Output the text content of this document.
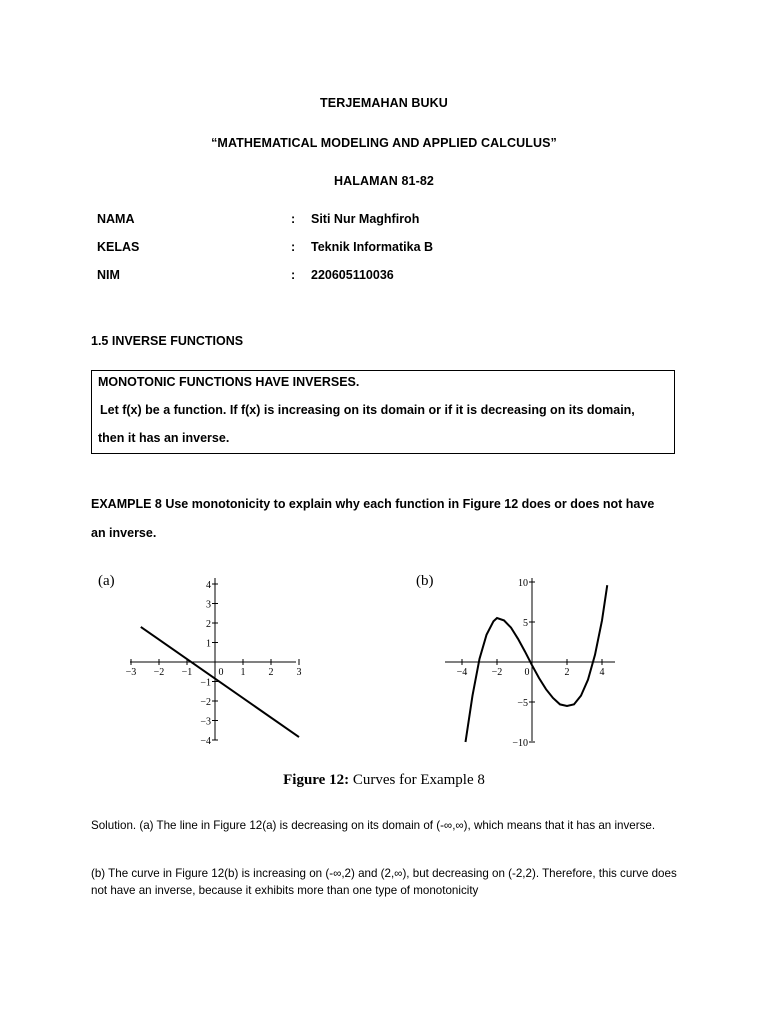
TERJEMAHAN BUKU
“MATHEMATICAL MODELING AND APPLIED CALCULUS”
HALAMAN 81-82
NAMA	: Siti Nur Maghfiroh
KELAS	: Teknik Informatika B
NIM	: 220605110036
1.5 INVERSE FUNCTIONS
MONOTONIC FUNCTIONS HAVE INVERSES.
Let f(x) be a function. If f(x) is increasing on its domain or if it is decreasing on its domain,
then it has an inverse.
EXAMPLE 8 Use monotonicity to explain why each function in Figure 12 does or does not have
an inverse.
(a)
−3 −2 −1	0 1 2 3
1
2
3
4
−1
−2
−3
−4
(b)
−4 −2 0	2	4
10
5
−5
−10
Figure 12: Curves for Example 8
Solution. (a) The line in Figure 12(a) is decreasing on its domain of (-∞,∞), which means that it has an inverse.
(b) The curve in Figure 12(b) is increasing on (-∞,2) and (2,∞), but decreasing on (-2,2). Therefore, this curve does not have an inverse, because it exhibits more than one type of monotonicity
